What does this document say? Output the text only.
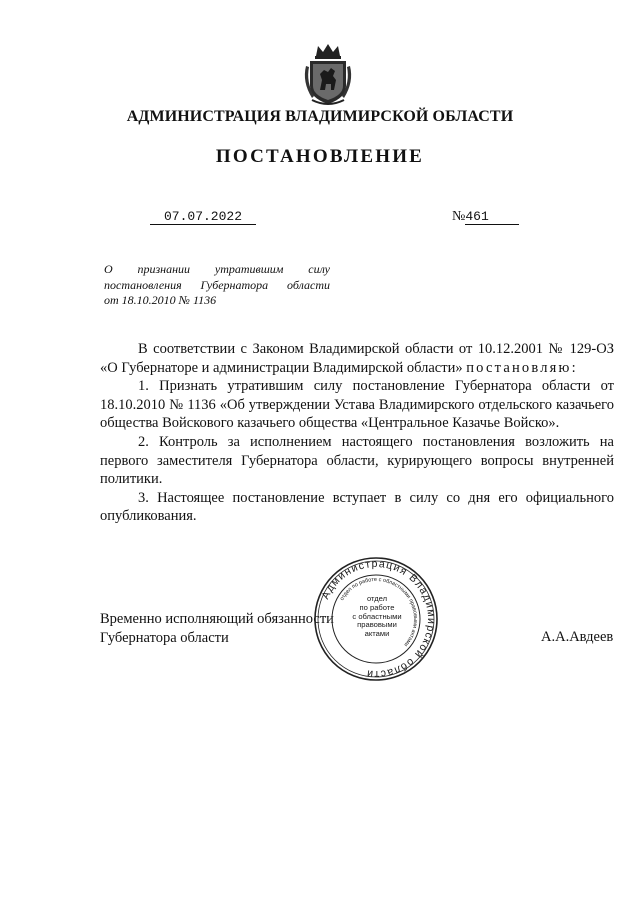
АДМИНИСТРАЦИЯ ВЛАДИМИРСКОЙ ОБЛАСТИ
ПОСТАНОВЛЕНИЕ
07.07.2022	№461
О признании утратившим силу
постановления Губернатора области
от 18.10.2010 № 1136

В соответствии с Законом Владимирской области от 10.12.2001 № 129-ОЗ «О Губернаторе и администрации Владимирской области» постановляю:

1. Признать утратившим силу постановление Губернатора области от 18.10.2010 № 1136 «Об утверждении Устава Владимирского отдельского казачьего общества Войскового казачьего общества «Центральное Казачье Войско».

2. Контроль за исполнением настоящего постановления возложить на первого заместителя Губернатора области, курирующего вопросы внутренней политики.

3. Настоящее постановление вступает в силу со дня его официального опубликования.

Временно исполняющий обязанности
Губернатора области	А.А.Авдеев
Администрация Владимирской области
отдел по работе с областными правовыми актами
отдел
по работе
с областными
правовыми
актами
